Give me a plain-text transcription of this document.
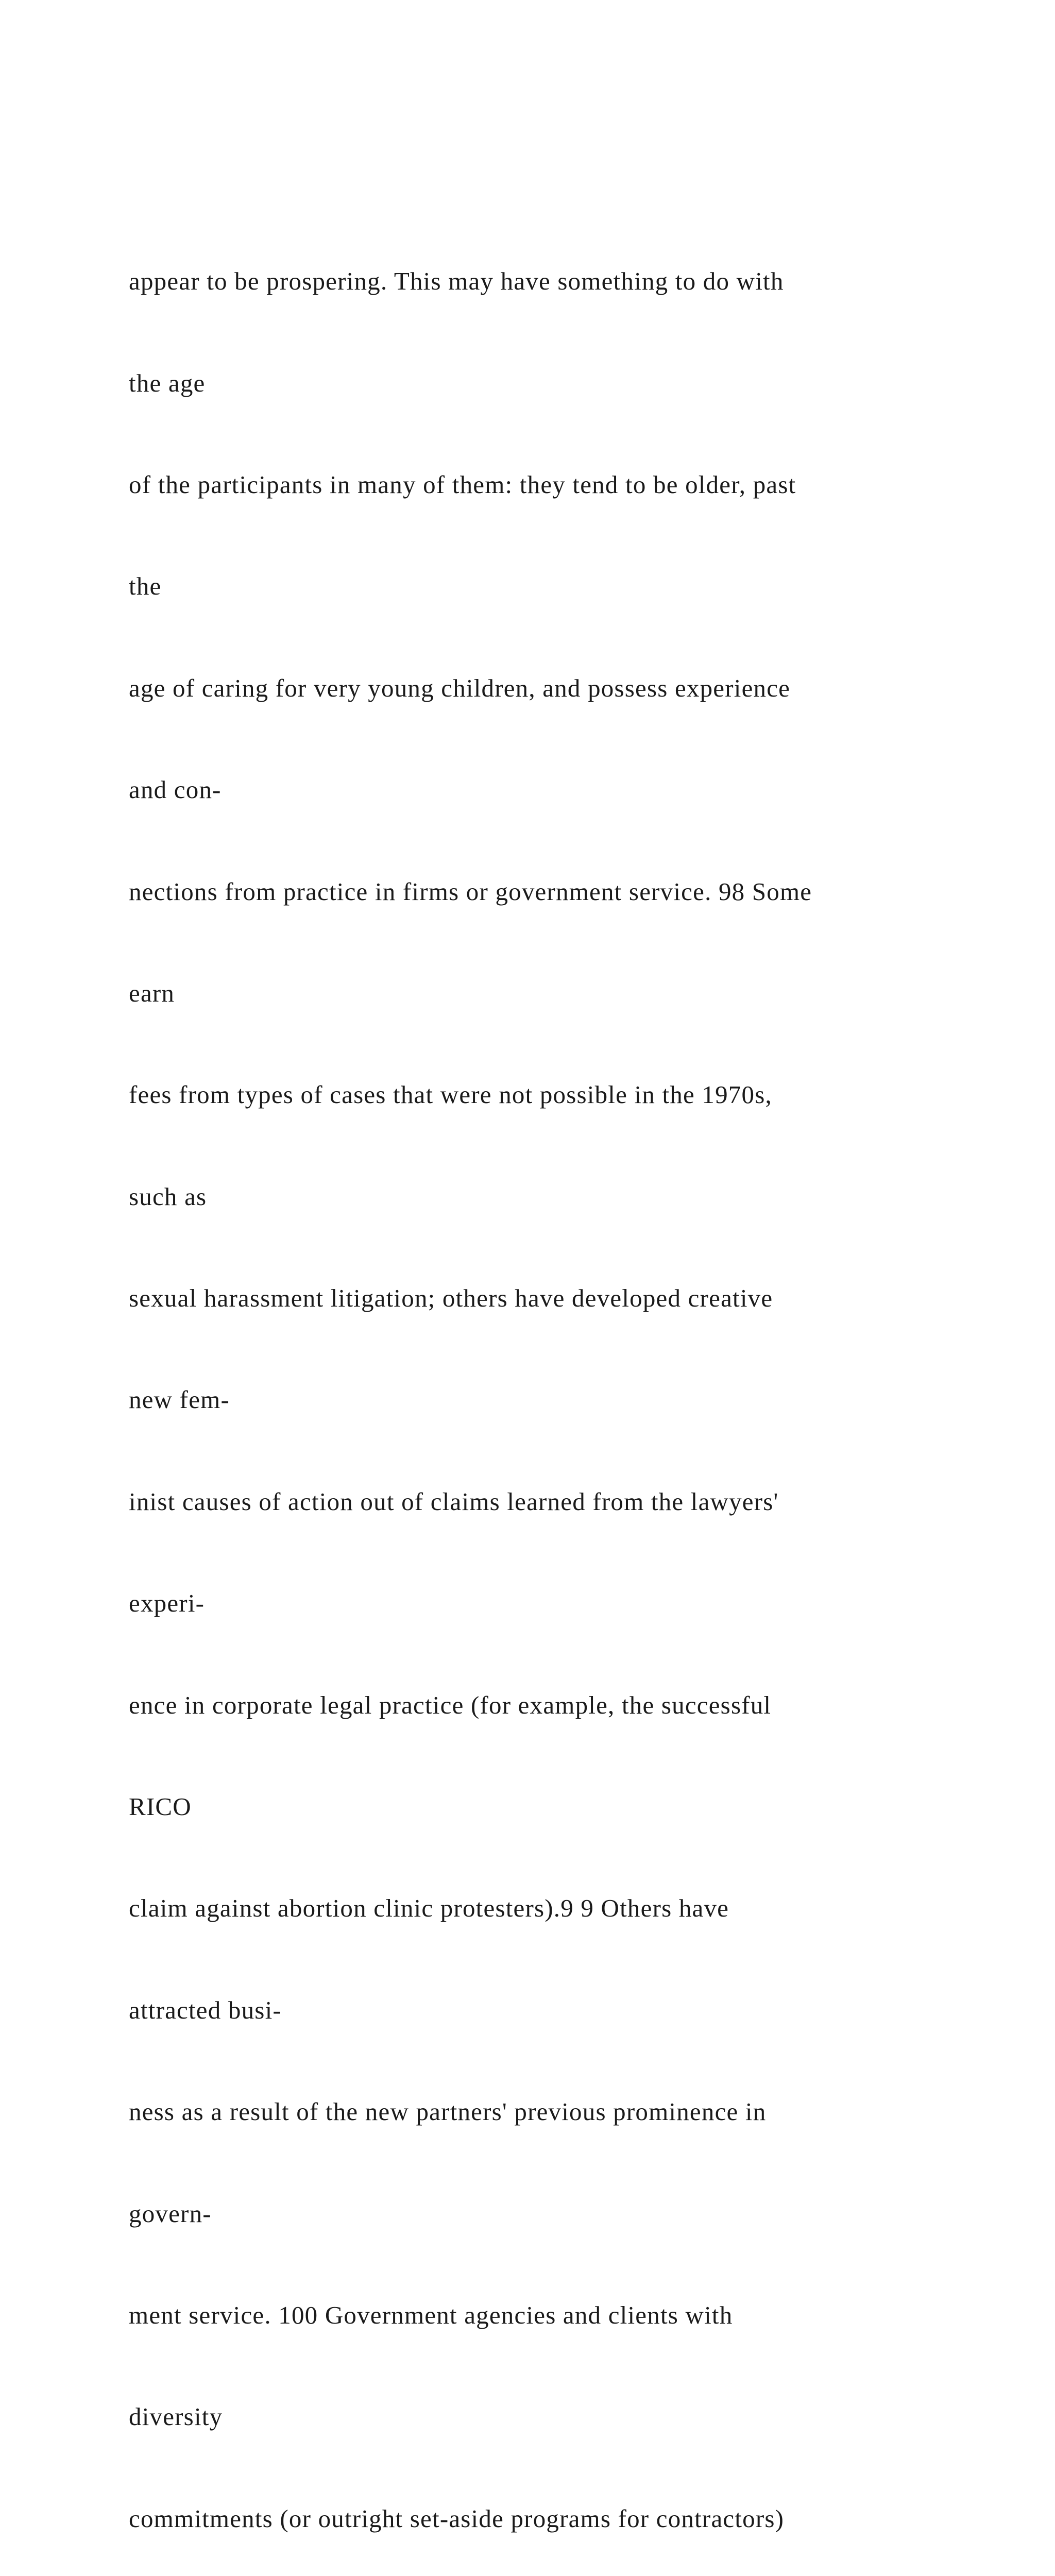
appear to be prospering. This may have something to do with

the age

of the participants in many of them: they tend to be older, past

the

age of caring for very young children, and possess experience

and con-

nections from practice in firms or government service. 98 Some

earn

fees from types of cases that were not possible in the 1970s,

such as

sexual harassment litigation; others have developed creative

new fem-

inist causes of action out of claims learned from the lawyers'

experi-

ence in corporate legal practice (for example, the successful

RICO

claim against abortion clinic protesters).9 9 Others have

attracted busi-

ness as a result of the new partners' previous prominence in

govern-

ment service. 100 Government agencies and clients with

diversity

commitments (or outright set-aside programs for contractors)
